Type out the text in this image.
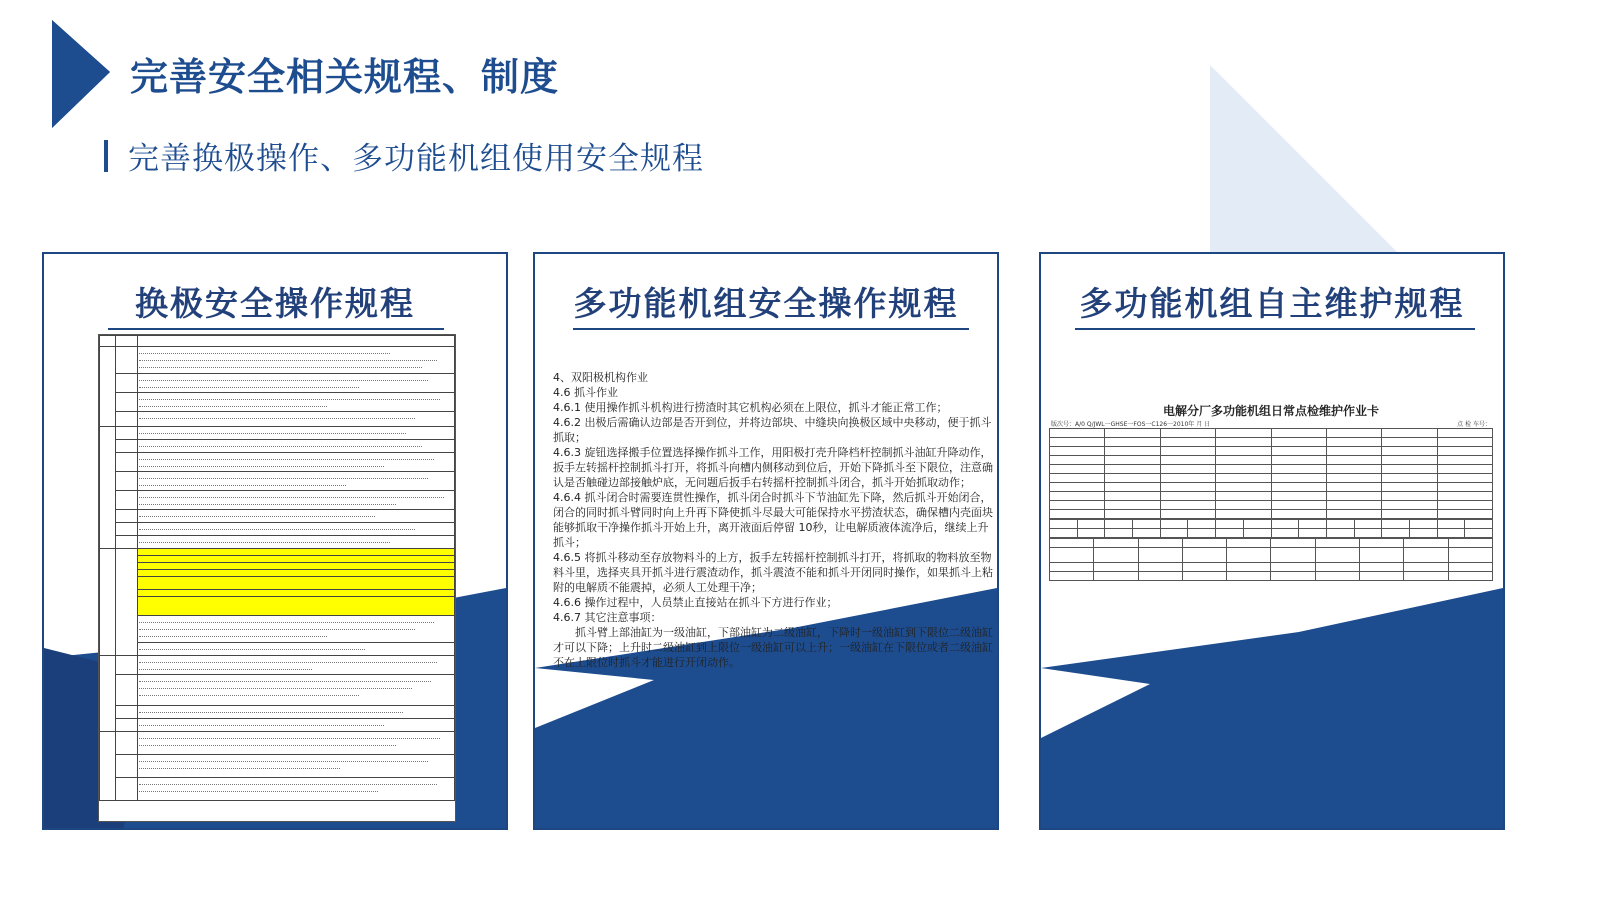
完善安全相关规程、制度
完善换极操作、多功能机组使用安全规程
换极安全操作规程

		多功能机组安全操作规程

4、双阳极机构作业

4.6 抓斗作业

4.6.1 使用操作抓斗机构进行捞渣时其它机构必须在上限位，抓斗才能正常工作；

4.6.2 出极后需确认边部是否开到位，并将边部块、中缝块向换极区域中央移动，便于抓斗抓取；

4.6.3 旋钮选择搬手位置选择操作抓斗工作，用阳极打壳升降档杆控制抓斗油缸升降动作，扳手左转摇杆控制抓斗打开，将抓斗向槽内侧移动到位后，开始下降抓斗至下限位，注意确认是否触碰边部接触炉底，无问题后扳手右转摇杆控制抓斗闭合，抓斗开始抓取动作；

4.6.4 抓斗闭合时需要连贯性操作，抓斗闭合时抓斗下节油缸先下降，然后抓斗开始闭合，闭合的同时抓斗臂同时向上升再下降使抓斗尽最大可能保持水平捞渣状态，确保槽内壳面块能够抓取干净操作抓斗开始上升，离开液面后停留 10秒，让电解质液体流净后，继续上升抓斗；

4.6.5 将抓斗移动至存放物料斗的上方，扳手左转摇杆控制抓斗打开，将抓取的物料放至物料斗里，选择夹具开抓斗进行震渣动作，抓斗震渣不能和抓斗开闭同时操作，如果抓斗上粘附的电解质不能震掉，必须人工处理干净；

4.6.6 操作过程中，人员禁止直接站在抓斗下方进行作业；

4.6.7 其它注意事项：

抓斗臂上部油缸为一级油缸，下部油缸为二级油缸，下降时一级油缸到下限位二级油缸才可以下降；上升时二级油缸到上限位一级油缸可以上升；一级油缸在下限位或者二级油缸不在上限位时抓斗才能进行开闭动作。

多功能机组自主维护规程
电解分厂多功能机组日常点检维护作业卡
版次号：A/0 Q/JWL一GHSE一FOS一C126一2010年 月 日	点 检 车号：
